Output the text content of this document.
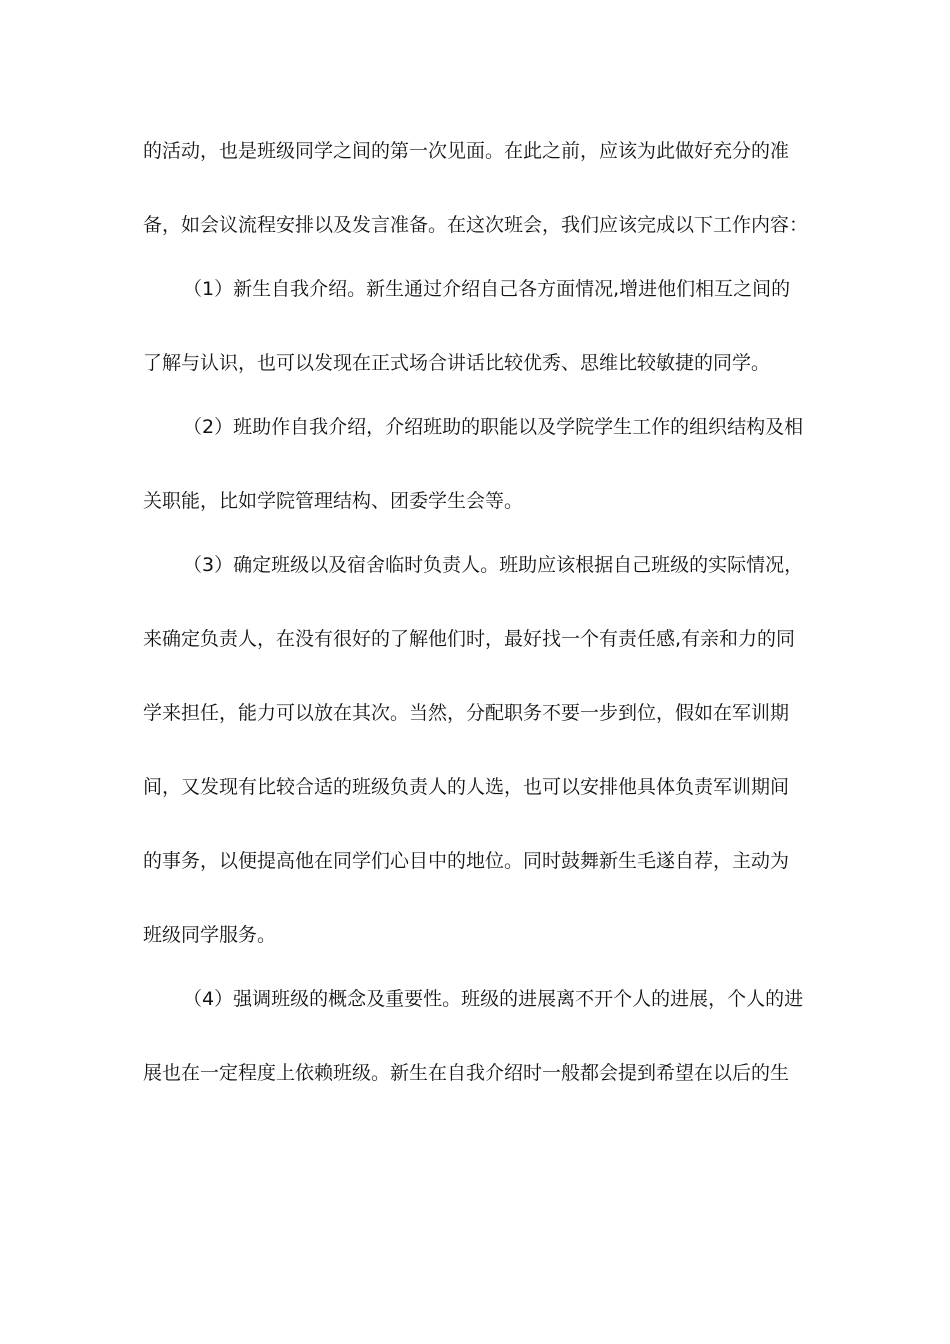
的活动，也是班级同学之间的第一次见面。在此之前，应该为此做好充分的准
备，如会议流程安排以及发言准备。在这次班会，我们应该完成以下工作内容：
（1）新生自我介绍。新生通过介绍自己各方面情况,增进他们相互之间的
了解与认识，也可以发现在正式场合讲话比较优秀、思维比较敏捷的同学。
（2）班助作自我介绍，介绍班助的职能以及学院学生工作的组织结构及相
关职能，比如学院管理结构、团委学生会等。
（3）确定班级以及宿舍临时负责人。班助应该根据自己班级的实际情况，
来确定负责人，在没有很好的了解他们时，最好找一个有责任感,有亲和力的同
学来担任，能力可以放在其次。当然，分配职务不要一步到位，假如在军训期
间，又发现有比较合适的班级负责人的人选，也可以安排他具体负责军训期间
的事务，以便提高他在同学们心目中的地位。同时鼓舞新生毛遂自荐，主动为
班级同学服务。
（4）强调班级的概念及重要性。班级的进展离不开个人的进展，个人的进
展也在一定程度上依赖班级。新生在自我介绍时一般都会提到希望在以后的生
